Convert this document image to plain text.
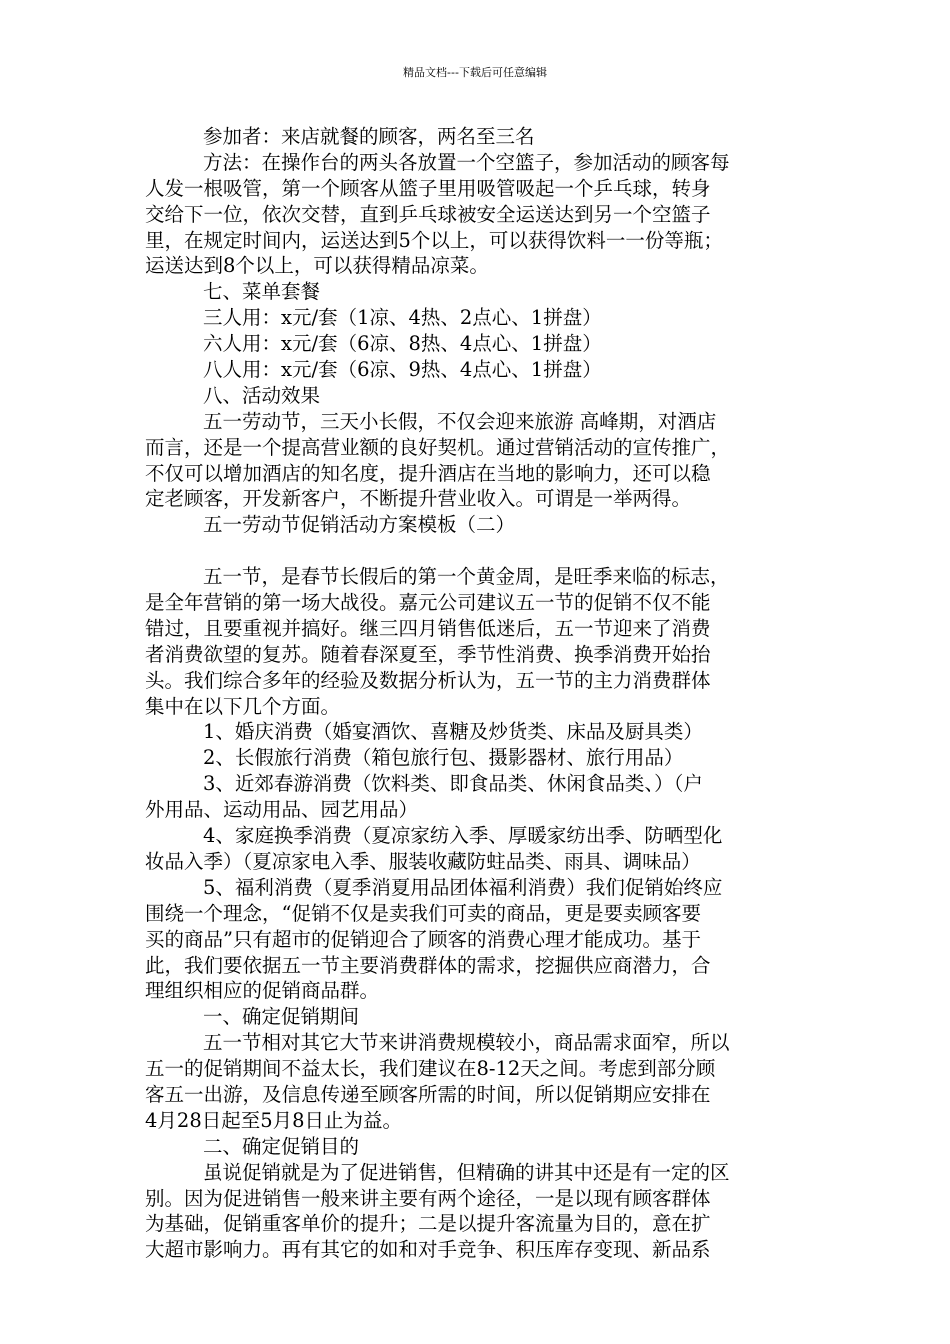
精品文档---下载后可任意编辑
参加者：来店就餐的顾客，两名至三名
方法：在操作台的两头各放置一个空篮子，参加活动的顾客每
人发一根吸管，第一个顾客从篮子里用吸管吸起一个乒乓球，转身
交给下一位，依次交替，直到乒乓球被安全运送达到另一个空篮子
里，在规定时间内，运送达到5个以上，可以获得饮料一一份等瓶；
运送达到8个以上，可以获得精品凉菜。
七、菜单套餐
三人用：x元/套（1凉、4热、2点心、1拼盘）
六人用：x元/套（6凉、8热、4点心、1拼盘）
八人用：x元/套（6凉、9热、4点心、1拼盘）
八、活动效果
五一劳动节，三天小长假，不仅会迎来旅游 高峰期，对酒店
而言，还是一个提高营业额的良好契机。通过营销活动的宣传推广，
不仅可以增加酒店的知名度，提升酒店在当地的影响力，还可以稳
定老顾客，开发新客户，不断提升营业收入。可谓是一举两得。
五一劳动节促销活动方案模板（二）
五一节，是春节长假后的第一个黄金周，是旺季来临的标志，
是全年营销的第一场大战役。嘉元公司建议五一节的促销不仅不能
错过，且要重视并搞好。继三四月销售低迷后，五一节迎来了消费
者消费欲望的复苏。随着春深夏至，季节性消费、换季消费开始抬
头。我们综合多年的经验及数据分析认为，五一节的主力消费群体
集中在以下几个方面。
1、婚庆消费（婚宴酒饮、喜糖及炒货类、床品及厨具类）
2、长假旅行消费（箱包旅行包、摄影器材、旅行用品）
3、近郊春游消费（饮料类、即食品类、休闲食品类、）（户
外用品、运动用品、园艺用品）
4、家庭换季消费（夏凉家纺入季、厚暖家纺出季、防晒型化
妆品入季）（夏凉家电入季、服装收藏防蛀品类、雨具、调味品）
5、福利消费（夏季消夏用品团体福利消费）我们促销始终应
围绕一个理念，“促销不仅是卖我们可卖的商品，更是要卖顾客要
买的商品”只有超市的促销迎合了顾客的消费心理才能成功。基于
此，我们要依据五一节主要消费群体的需求，挖掘供应商潜力，合
理组织相应的促销商品群。
一、确定促销期间
五一节相对其它大节来讲消费规模较小，商品需求面窄，所以
五一的促销期间不益太长，我们建议在8-12天之间。考虑到部分顾
客五一出游，及信息传递至顾客所需的时间，所以促销期应安排在
4月28日起至5月8日止为益。
二、确定促销目的
虽说促销就是为了促进销售，但精确的讲其中还是有一定的区
别。因为促进销售一般来讲主要有两个途径，一是以现有顾客群体
为基础，促销重客单价的提升；二是以提升客流量为目的，意在扩
大超市影响力。再有其它的如和对手竞争、积压库存变现、新品系
